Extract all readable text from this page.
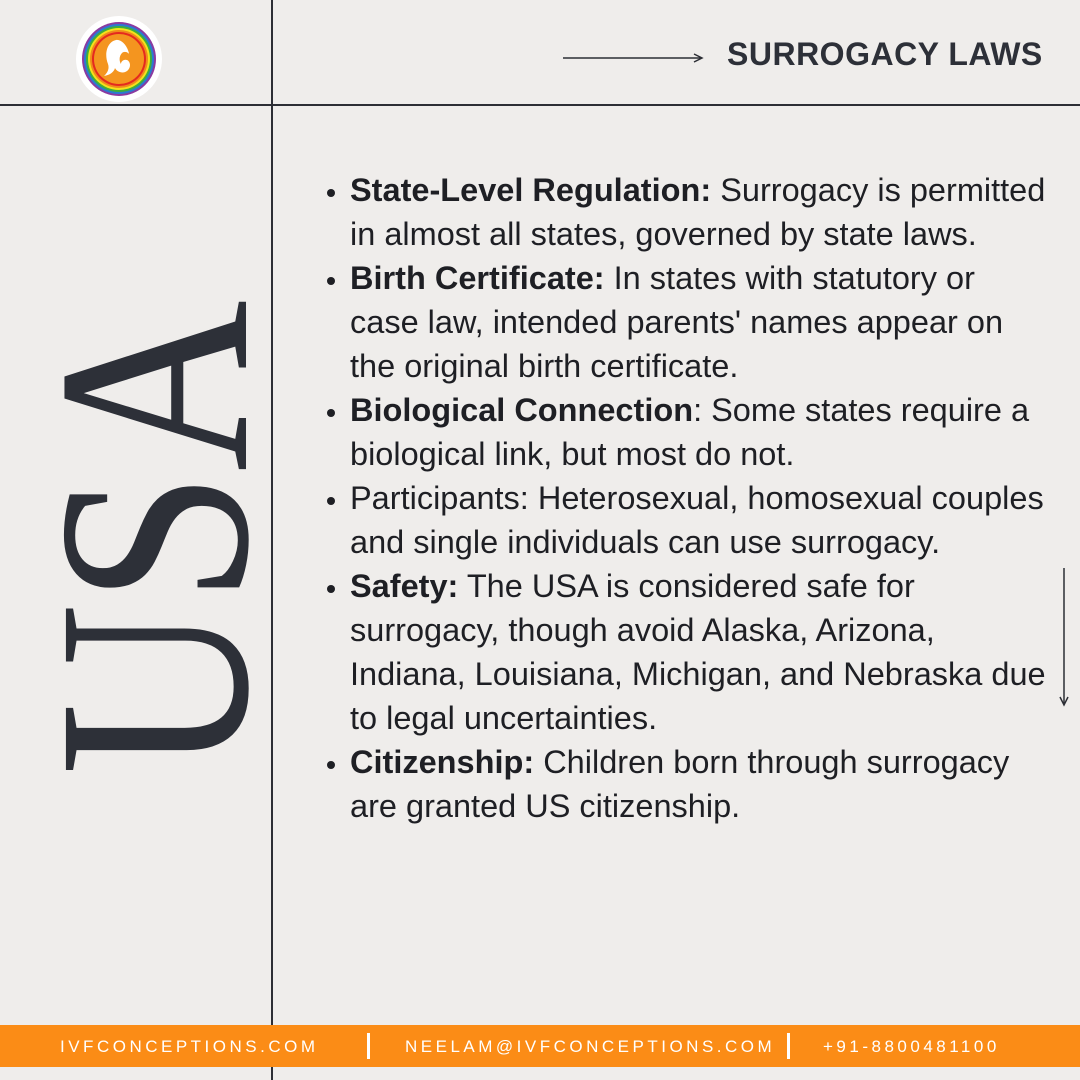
SURROGACY LAWS
USA
• State-Level Regulation: Surrogacy is permitted in almost all states, governed by state laws.
• Birth Certificate: In states with statutory or case law, intended parents' names appear on the original birth certificate.
• Biological Connection: Some states require a biological link, but most do not.
• Participants: Heterosexual, homosexual couples and single individuals can use surrogacy.
• Safety: The USA is considered safe for surrogacy, though avoid Alaska, Arizona, Indiana, Louisiana, Michigan, and Nebraska due to legal uncertainties.
• Citizenship: Children born through surrogacy are granted US citizenship.
IVFCONCEPTIONS.COM	NEELAM@IVFCONCEPTIONS.COM	+91-8800481100
